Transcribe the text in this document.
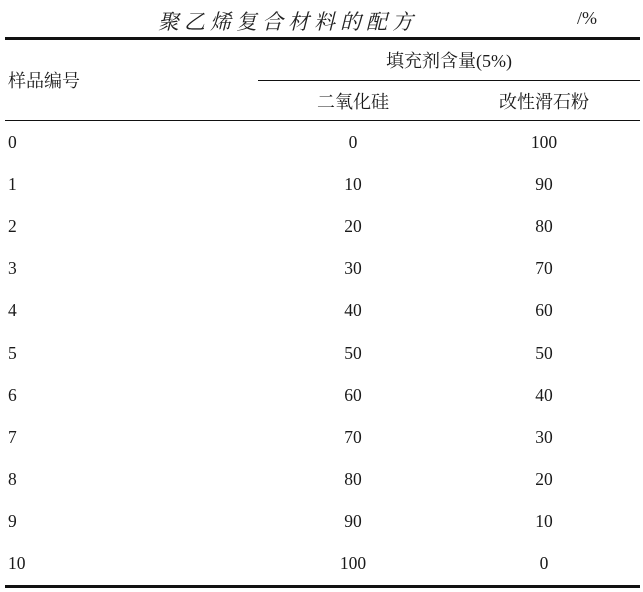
聚乙烯复合材料的配方	/%
样品编号	填充剂含量(5%)	
	二氧化硅	改性滑石粉
0	0	100
1	10	90
2	20	80
3	30	70
4	40	60
5	50	50
6	60	40
7	70	30
8	80	20
9	90	10
10	100	0
